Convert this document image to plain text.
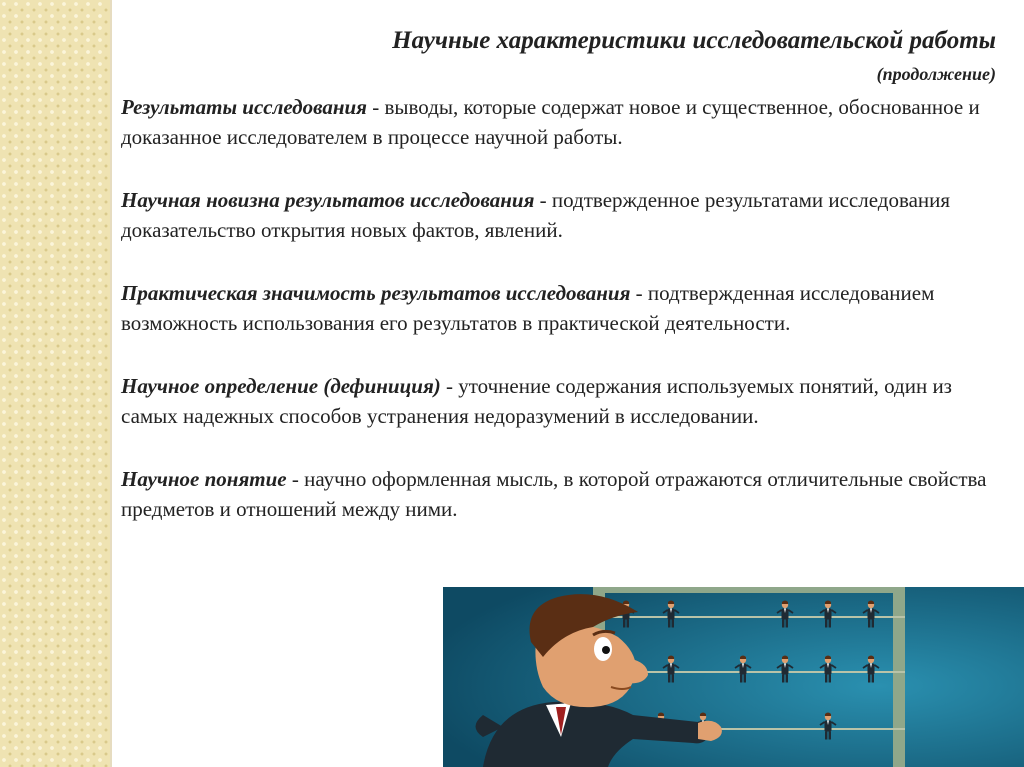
Научные характеристики исследовательской работы
(продолжение)

Результаты исследования - выводы, которые содержат новое и существенное, обоснованное и доказанное исследователем в процессе научной работы.

Научная новизна результатов исследования - подтвержденное результатами исследования доказательство открытия новых фактов, явлений.

Практическая значимость результатов исследования - подтвержденная исследованием возможность использования его результатов в практической деятельности.

Научное определение (дефиниция) - уточнение содержания используемых понятий, один из самых надежных способов устранения недоразумений в исследовании.

Научное понятие - научно оформленная мысль, в которой отражаются отличительные свойства предметов и отношений между ними.
